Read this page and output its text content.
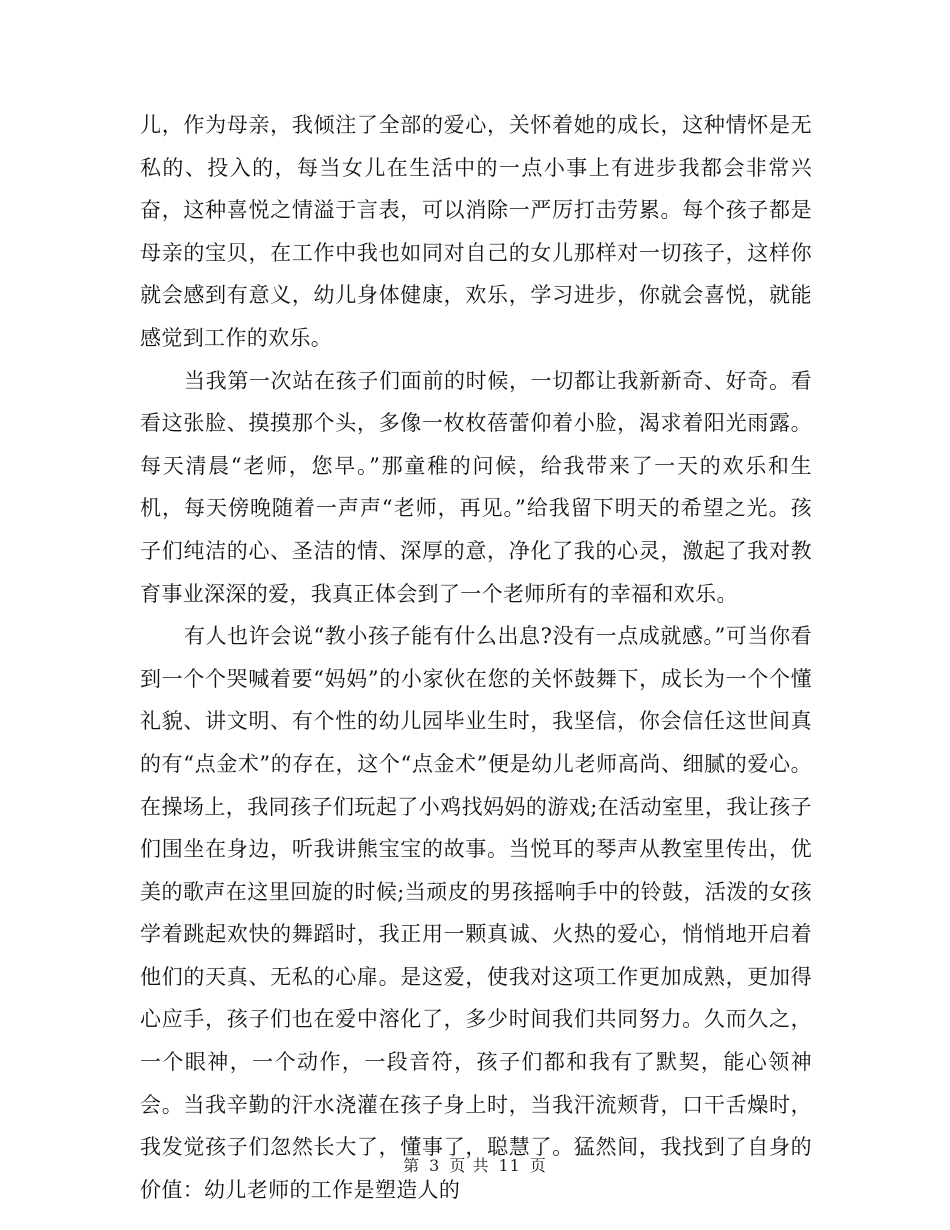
儿，作为母亲，我倾注了全部的爱心，关怀着她的成长，这种情怀是无私的、投入的，每当女儿在生活中的一点小事上有进步我都会非常兴奋，这种喜悦之情溢于言表，可以消除一严厉打击劳累。每个孩子都是母亲的宝贝，在工作中我也如同对自己的女儿那样对一切孩子，这样你就会感到有意义，幼儿身体健康，欢乐，学习进步，你就会喜悦，就能感觉到工作的欢乐。

当我第一次站在孩子们面前的时候，一切都让我新新奇、好奇。看看这张脸、摸摸那个头，多像一枚枚蓓蕾仰着小脸，渴求着阳光雨露。每天清晨“老师，您早。”那童稚的问候，给我带来了一天的欢乐和生机，每天傍晚随着一声声“老师，再见。”给我留下明天的希望之光。孩子们纯洁的心、圣洁的情、深厚的意，净化了我的心灵，激起了我对教育事业深深的爱，我真正体会到了一个老师所有的幸福和欢乐。

有人也许会说“教小孩子能有什么出息?没有一点成就感。”可当你看到一个个哭喊着要“妈妈”的小家伙在您的关怀鼓舞下，成长为一个个懂礼貌、讲文明、有个性的幼儿园毕业生时，我坚信，你会信任这世间真的有“点金术”的存在，这个“点金术”便是幼儿老师高尚、细腻的爱心。在操场上，我同孩子们玩起了小鸡找妈妈的游戏;在活动室里，我让孩子们围坐在身边，听我讲熊宝宝的故事。当悦耳的琴声从教室里传出，优美的歌声在这里回旋的时候;当顽皮的男孩摇响手中的铃鼓，活泼的女孩学着跳起欢快的舞蹈时，我正用一颗真诚、火热的爱心，悄悄地开启着他们的天真、无私的心扉。是这爱，使我对这项工作更加成熟，更加得心应手，孩子们也在爱中溶化了，多少时间我们共同努力。久而久之，一个眼神，一个动作，一段音符，孩子们都和我有了默契，能心领神会。当我辛勤的汗水浇灌在孩子身上时，当我汗流颊背，口干舌燥时，我发觉孩子们忽然长大了，懂事了，聪慧了。猛然间，我找到了自身的价值：幼儿老师的工作是塑造人的

第 3 页 共 11 页
